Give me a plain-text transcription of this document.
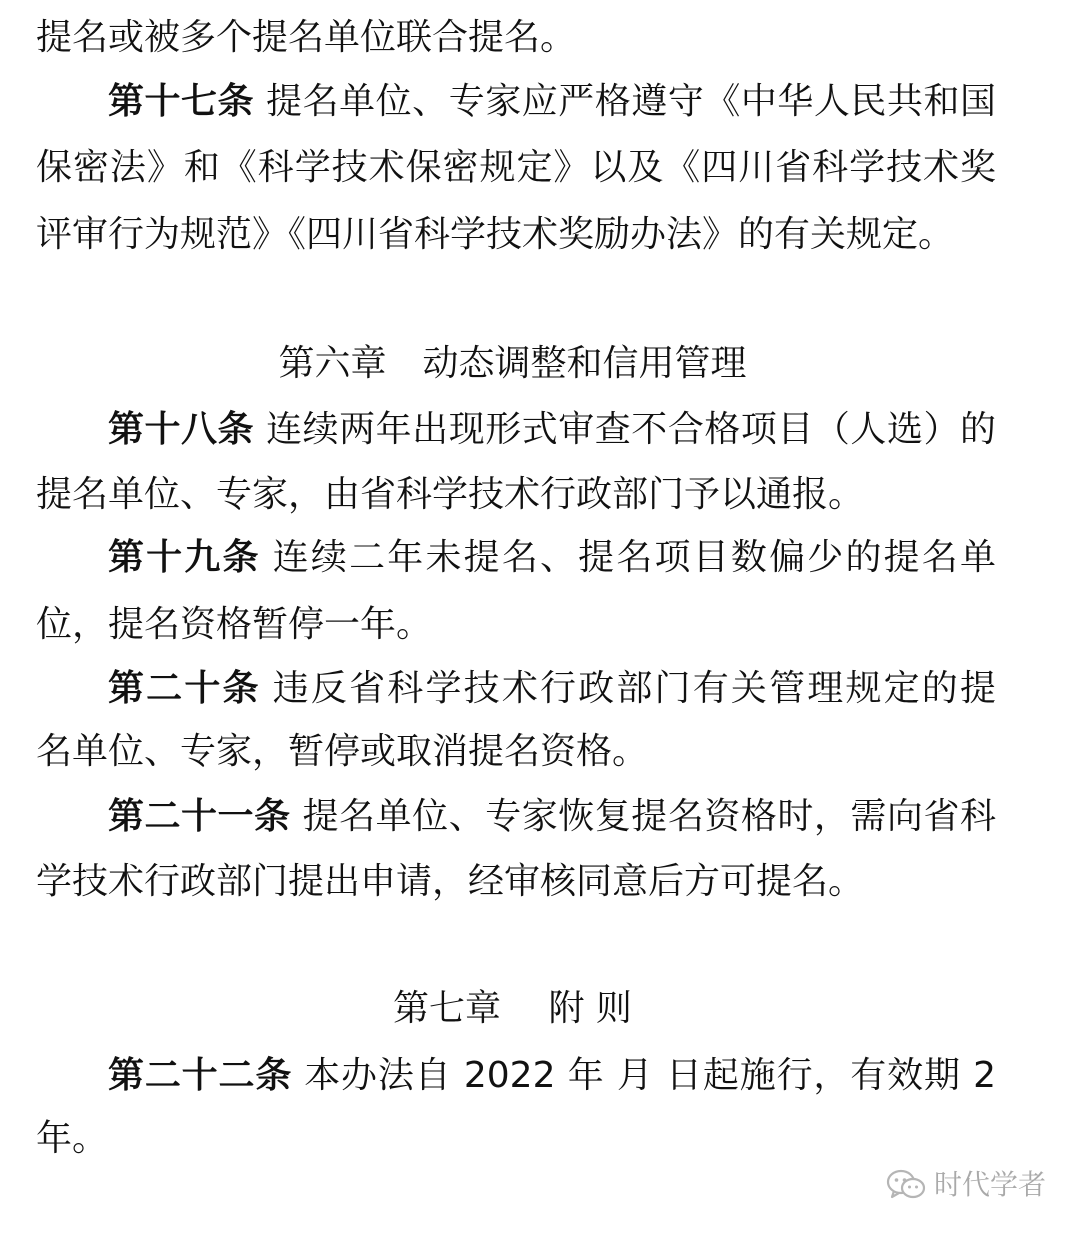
提名或被多个提名单位联合提名。
第十七条 提名单位、专家应严格遵守《中华人民共和国
保密法》和《科学技术保密规定》以及《四川省科学技术奖
评审行为规范》《四川省科学技术奖励办法》的有关规定。
第六章　动态调整和信用管理
第十八条 连续两年出现形式审查不合格项目（人选）的
提名单位、专家，由省科学技术行政部门予以通报。
第十九条 连续二年未提名、提名项目数偏少的提名单
位，提名资格暂停一年。
第二十条 违反省科学技术行政部门有关管理规定的提
名单位、专家，暂停或取消提名资格。
第二十一条 提名单位、专家恢复提名资格时，需向省科
学技术行政部门提出申请，经审核同意后方可提名。
第七章　 附 则
第二十二条 本办法自 2022 年 月 日起施行，有效期 2
年。
时代学者
